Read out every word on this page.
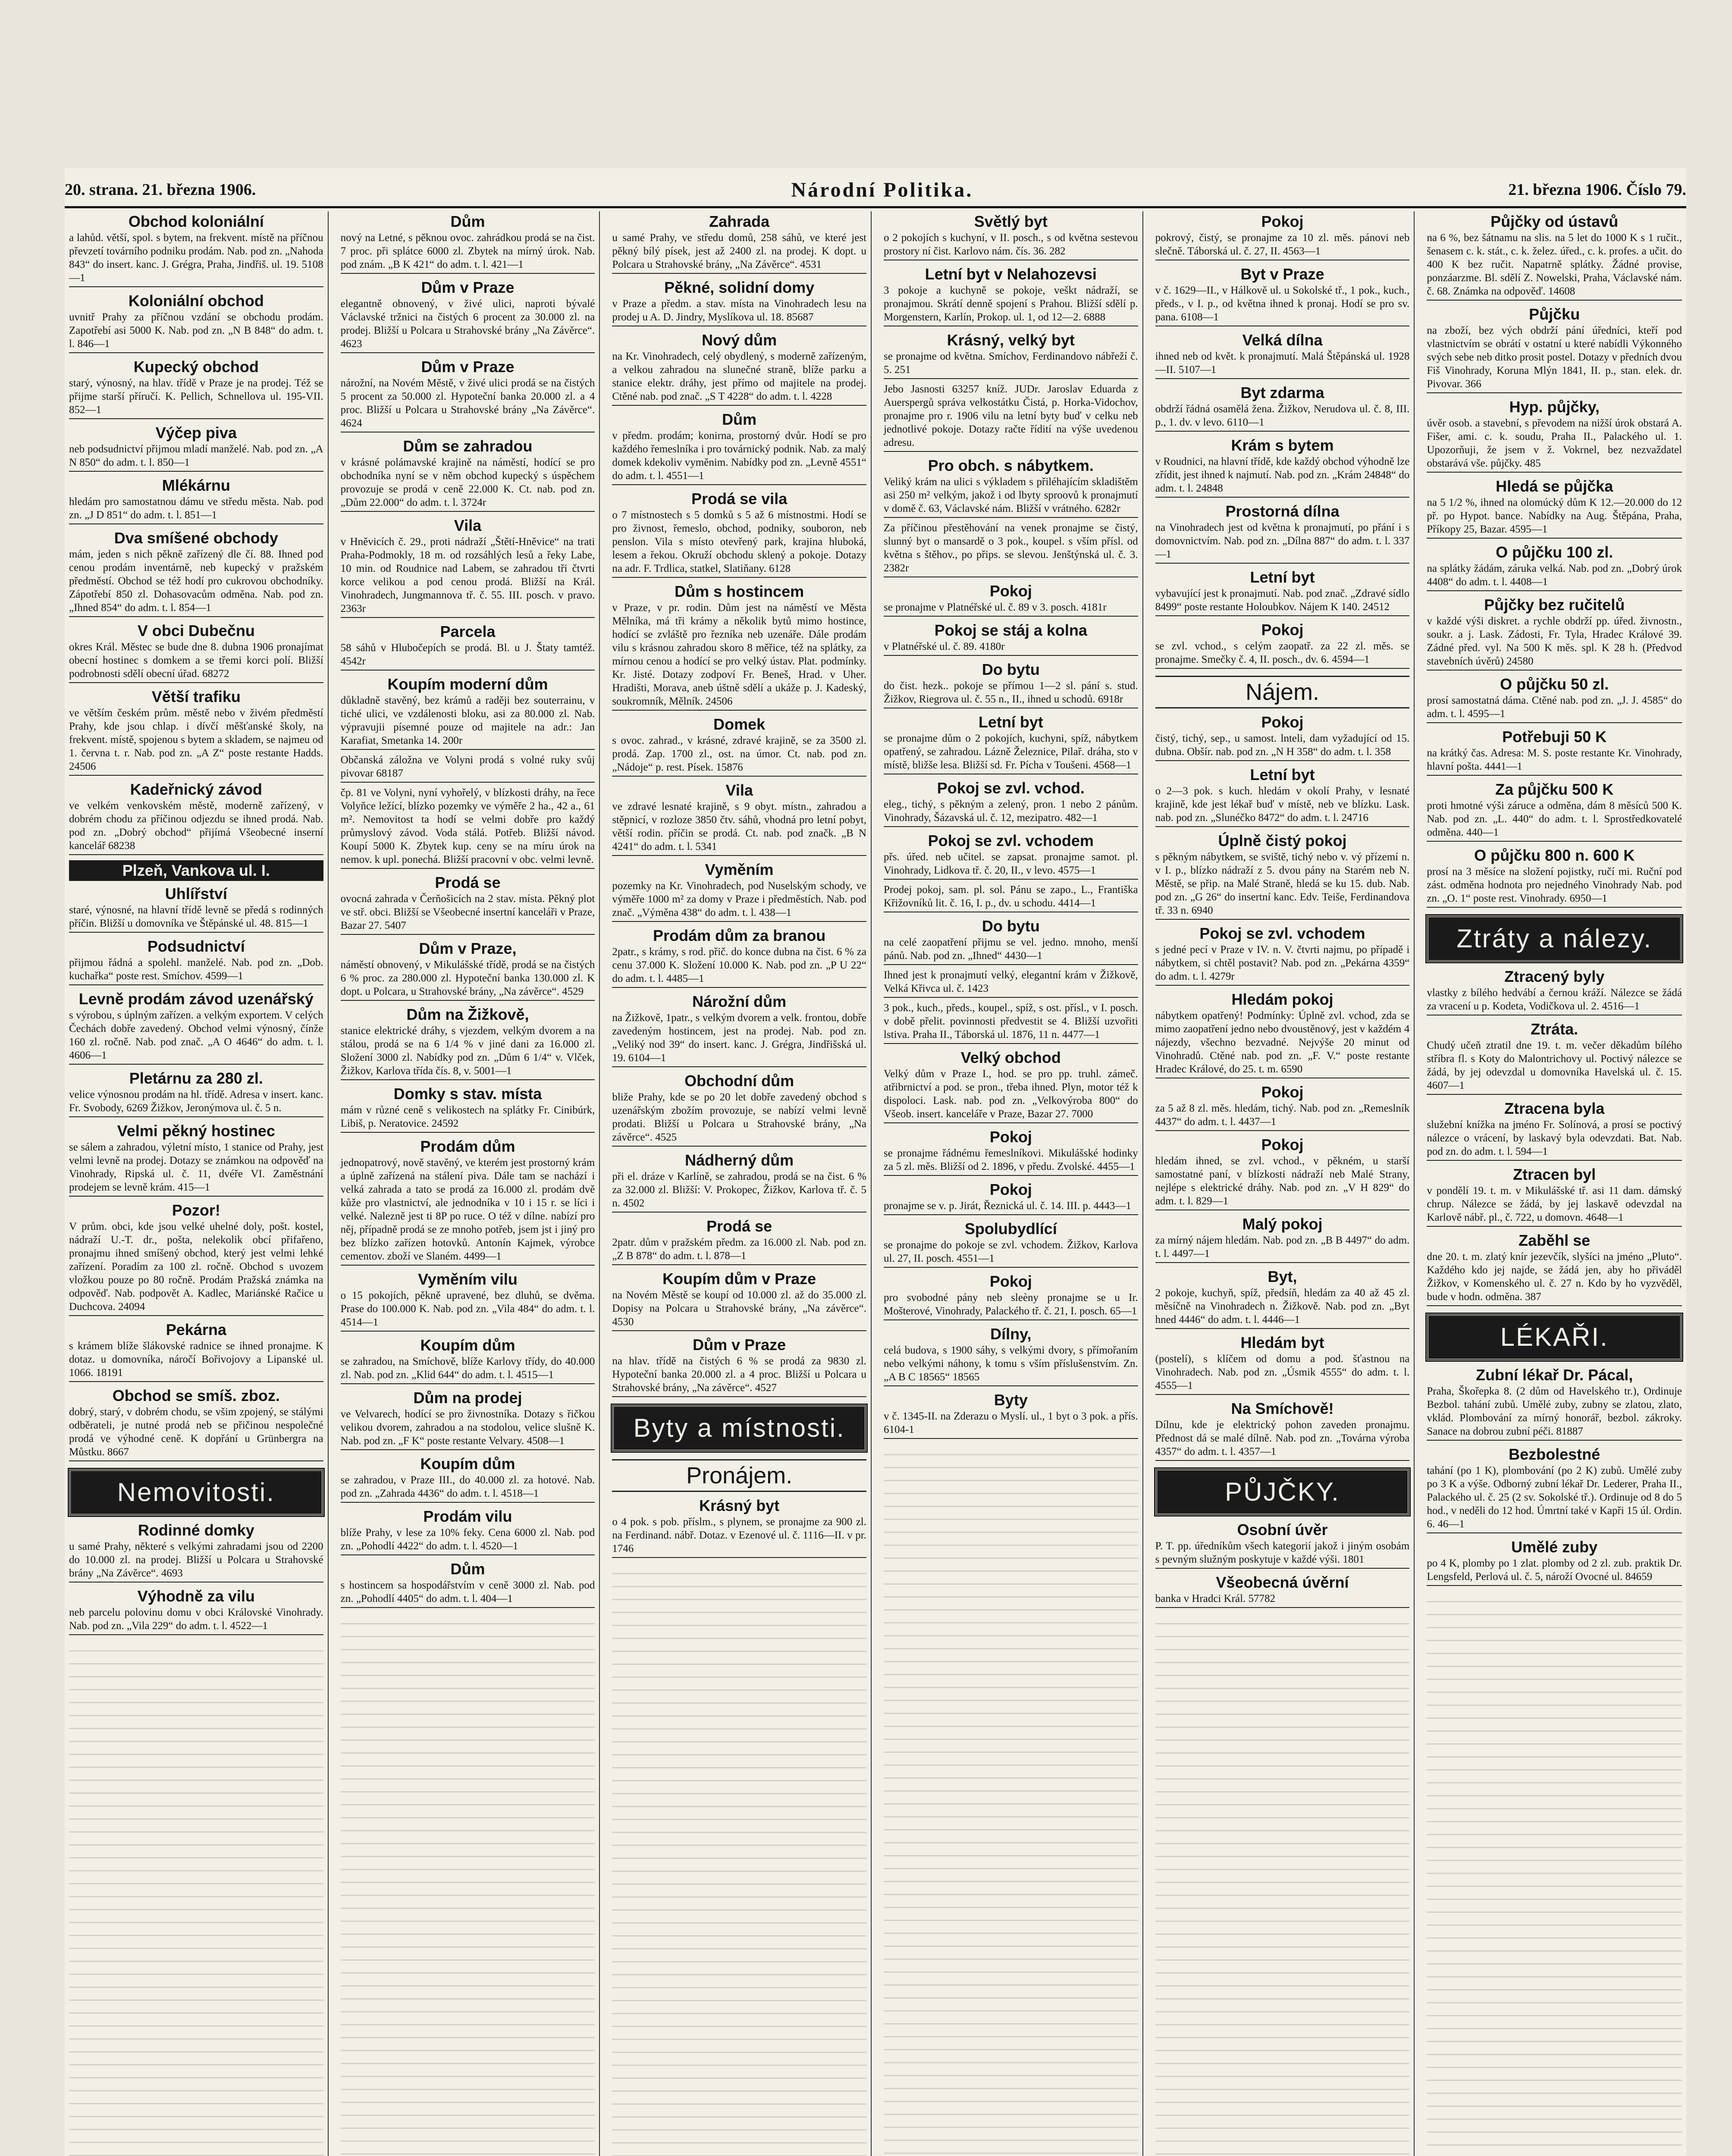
20. strana. 21. března 1906.	Národní Politika.	21. března 1906. Číslo 79.
Obchod koloniální

a lahůd. větší, spol. s bytem, na frekvent. místě na příčnou převzetí továrního podniku prodám. Nab. pod zn. „Nahoda 843“ do insert. kanc. J. Grégra, Praha, Jindřiš. ul. 19. 5108—1

Koloniální obchod

uvnitř Prahy za příčnou vzdání se obchodu prodám. Zapotřebí asi 5000 K. Nab. pod zn. „N B 848“ do adm. t. l. 846—1

Kupecký obchod

starý, výnosný, na hlav. třídě v Praze je na prodej. Též se přijme starší příručí. K. Pellich, Schnellova ul. 195-VII. 852—1

Výčep piva

neb podsudnictví přijmou mladí manželé. Nab. pod zn. „A N 850“ do adm. t. l. 850—1

Mlékárnu

hledám pro samostatnou dámu ve středu města. Nab. pod zn. „J D 851“ do adm. t. l. 851—1

Dva smíšené obchody

mám, jeden s nich pěkně zařízený dle čí. 88. Ihned pod cenou prodám inventárně, neb kupecký v pražském předměstí. Obchod se též hodí pro cukrovou obchodníky. Zápotřebí 850 zl. Dohasovacům odměna. Nab. pod zn. „Ihned 854“ do adm. t. l. 854—1

V obci Dubečnu

okres Král. Městec se bude dne 8. dubna 1906 pronajímat obecní hostinec s domkem a se třemi korci polí. Bližší podrobnosti sdělí obecní úřad. 68272

Větší trafiku

ve větším českém prům. městě nebo v živém předměstí Prahy, kde jsou chlap. i dívčí měšťanské školy, na frekvent. místě, spojenou s bytem a skladem, se najmeu od 1. června t. r. Nab. pod zn. „A Z“ poste restante Hadds. 24506

Kadeřnický závod

ve velkém venkovském městě, moderně zařízený, v dobrém chodu za příčinou odjezdu se ihned prodá. Nab. pod zn. „Dobrý obchod“ přijímá Všeobecné inserní kancelář 68238

Plzeň, Vankova ul. I.
Uhlířství

staré, výnosné, na hlavní třídě levně se předá s rodinných příčin. Bližší u domovníka ve Štěpánské ul. 48. 815—1

Podsudnictví

přijmou řádná a spolehl. manželé. Nab. pod zn. „Dob. kuchařka“ poste rest. Smíchov. 4599—1

Levně prodám závod uzenářský

s výrobou, s úplným zařízen. a velkým exportem. V celých Čechách dobře zavedený. Obchod velmi výnosný, čínže 160 zl. ročně. Nab. pod znač. „A O 4646“ do adm. t. l. 4606—1

Pletárnu za 280 zl.

velice výnosnou prodám na hl. třídě. Adresa v insert. kanc. Fr. Svobody, 6269 Žižkov, Jeronýmova ul. č. 5 n.

Velmi pěkný hostinec

se sálem a zahradou, výletní místo, 1 stanice od Prahy, jest velmi levně na prodej. Dotazy se známkou na odpověď na Vinohrady, Ripská ul. č. 11, dvéře VI. Zaměstnání prodejem se levně krám. 415—1

Pozor!

V prům. obci, kde jsou velké uhelné doly, pošt. kostel, nádraží U.-T. dr., pošta, nelekolik obcí přifařeno, pronajmu ihned smíšený obchod, který jest velmi lehké zařízení. Poradím za 100 zl. ročně. Obchod s uvozem vložkou pouze po 80 ročně. Prodám Pražská známka na odpověď. Nab. podpovět A. Kadlec, Mariánské Račice u Duchcova. 24094

Pekárna

s krámem blíže šlákovské radnice se ihned pronajme. K dotaz. u domovníka, náročí Bořivojovy a Lipanské ul. 1066. 18191

Obchod se smíš. zboz.

dobrý, starý, v dobrém chodu, se všim zpojený, se stálými odběrateli, je nutné prodá neb se přičinou nespolečné prodá ve výhodné ceně. K dopřání u Grünbergra na Můstku. 8667

Nemovitosti.
Rodinné domky

u samé Prahy, některé s velkými zahradami jsou od 2200 do 10.000 zl. na prodej. Bližší u Polcara u Strahovské brány „Na Závěrce“. 4693

Výhodně za vilu

neb parcelu polovinu domu v obci Královské Vinohrady. Nab. pod zn. „Vila 229“ do adm. t. l. 4522—1

Dům

nový na Letné, s pěknou ovoc. zahrádkou prodá se na čist. 7 proc. při splátce 6000 zl. Zbytek na mírný úrok. Nab. pod znám. „B K 421“ do adm. t. l. 421—1

Dům v Praze

elegantně obnovený, v živé ulici, naproti bývalé Václavské tržnici na čistých 6 procent za 30.000 zl. na prodej. Bližší u Polcara u Strahovské brány „Na Závěrce“. 4623

Dům v Praze

nárožní, na Novém Městě, v živé ulici prodá se na čistých 5 procent za 50.000 zl. Hypoteční banka 20.000 zl. a 4 proc. Bližší u Polcara u Strahovské brány „Na Závěrce“. 4624

Dům se zahradou

v krásné polámavské krajině na náměstí, hodící se pro obchodníka nyní se v něm obchod kupecký s úspěchem provozuje se prodá v ceně 22.000 K. Ct. nab. pod zn. „Dům 22.000“ do adm. t. l. 3724r

Vila

v Hněvicích č. 29., proti nádraží „Štětí-Hněvice“ na trati Praha-Podmokly, 18 m. od rozsáhlých lesů a řeky Labe, 10 min. od Roudnice nad Labem, se zahradou tři čtvrti korce velikou a pod cenou prodá. Bližší na Král. Vinohradech, Jungmannova tř. č. 55. III. posch. v pravo. 2363r

Parcela

58 sáhů v Hlubočepích se prodá. Bl. u J. Štaty tamtéž. 4542r

Koupím moderní dům

důkladně stavěný, bez krámů a raději bez souterrainu, v tiché ulici, ve vzdálenosti bloku, asi za 80.000 zl. Nab. výpravujii písemné pouze od majitele na adr.: Jan Karafiat, Smetanka 14. 200r

Občanská záložna ve Volyni prodá s volné ruky svůj pivovar 68187

čp. 81 ve Volyni, nyní vyhořelý, v blízkosti dráhy, na řece Volyňce ležící, blízko pozemky ve výměře 2 ha., 42 a., 61 m². Nemovitost ta hodí se velmi dobře pro každý průmyslový závod. Voda stálá. Potřeb. Bližší návod. Koupí 5000 K. Zbytek kup. ceny se na míru úrok na nemov. k upl. ponechá. Bližší pracovní v obc. velmi levně.

Prodá se

ovocná zahrada v Čerňošicích na 2 stav. místa. Pěkný plot ve stř. obci. Bližší se Všeobecné insertní kanceláři v Praze, Bazar 27. 5407

Dům v Praze,

náměstí obnovený, v Mikulášské třídě, prodá se na čistých 6 % proc. za 280.000 zl. Hypoteční banka 130.000 zl. K dopt. u Polcara, u Strahovské brány, „Na závěrce“. 4529

Dům na Žižkově,

stanice elektrické dráhy, s vjezdem, velkým dvorem a na stálou, prodá se na 6 1/4 % v jiné dani za 16.000 zl. Složení 3000 zl. Nabídky pod zn. „Dům 6 1/4“ v. Vlček, Žižkov, Karlova třída čís. 8, v. 5001—1

Domky s stav. místa

mám v různé ceně s velikostech na splátky Fr. Cinibúrk, Libiš, p. Neratovice. 24592

Prodám dům

jednopatrový, nově stavěný, ve kterém jest prostorný krám a úplně zařízená na stálení piva. Dále tam se nachází i velká zahrada a tato se prodá za 16.000 zl. prodám dvě kůže pro vlastnictví, ale jednodníka v 10 i 15 r. se líci i velké. Nalezně jest ti 8P po ruce. O též v dílne. nabízí pro něj, případně prodá se ze mnoho potřeb, jsem jst i jiný pro bez blízko zařízen hotovků. Antonín Kajmek, výrobce cementov. zboží ve Slaném. 4499—1

Vyměním vilu

o 15 pokojích, pěkně upravené, bez dluhů, se dvěma. Prase do 100.000 K. Nab. pod zn. „Vila 484“ do adm. t. l. 4514—1

Koupím dům

se zahradou, na Smíchově, blíže Karlovy třídy, do 40.000 zl. Nab. pod zn. „Klid 644“ do adm. t. l. 4515—1

Dům na prodej

ve Velvarech, hodící se pro živnostníka. Dotazy s řičkou velikou dvorem, zahradou a na stodolou, velice slušně K. Nab. pod zn. „F K“ poste restante Velvary. 4508—1

Koupím dům

se zahradou, v Praze III., do 40.000 zl. za hotové. Nab. pod zn. „Zahrada 4436“ do adm. t. l. 4518—1

Prodám vilu

blíže Prahy, v lese za 10% feky. Cena 6000 zl. Nab. pod zn. „Pohodlí 4422“ do adm. t. l. 4520—1

Dům

s hostincem sa hospodářstvím v ceně 3000 zl. Nab. pod zn. „Pohodlí 4405“ do adm. t. l. 404—1

Zahrada

u samé Prahy, ve středu domů, 258 sáhů, ve které jest pěkný bílý písek, jest až 2400 zl. na prodej. K dopt. u Polcara u Strahovské brány, „Na Závěrce“. 4531

Pěkné, solidní domy

v Praze a předm. a stav. místa na Vinohradech lesu na prodej u A. D. Jindry, Myslíkova ul. 18. 85687

Nový dům

na Kr. Vinohradech, celý obydlený, s moderně zařízeným, a velkou zahradou na slunečné straně, blíže parku a stanice elektr. dráhy, jest přímo od majitele na prodej. Ctěné nab. pod znač. „S T 4228“ do adm. t. l. 4228

Dům

v předm. prodám; konirna, prostorný dvůr. Hodí se pro každého řemeslníka i pro továrnický podnik. Nab. za malý domek kdekoliv vyměnim. Nabídky pod zn. „Levně 4551“ do adm. t. l. 4551—1

Prodá se vila

o 7 místnostech s 5 domků s 5 až 6 místnostmi. Hodí se pro živnost, řemeslo, obchod, podniky, souboron, neb penslon. Vila s místo otevřený park, krajina hluboká, lesem a řekou. Okruží obchodu sklený a pokoje. Dotazy na adr. F. Trdlica, statkel, Slatiňany. 6128

Dům s hostincem

v Praze, v pr. rodin. Dům jest na náměstí ve Města Mělníka, má tři krámy a několik bytů mimo hostince, hodící se zvláště pro řezníka neb uzenáře. Dále prodám vilu s krásnou zahradou skoro 8 měřice, též na splátky, za mírnou cenou a hodící se pro velký ústav. Plat. podmínky. Kr. Jisté. Dotazy zodpoví Fr. Beneš, Hrad. v Uher. Hradišti, Morava, aneb úštně sdělí a ukáže p. J. Kadeský, soukromník, Mělník. 24506

Domek

s ovoc. zahrad., v krásné, zdravé krajině, se za 3500 zl. prodá. Zap. 1700 zl., ost. na úmor. Ct. nab. pod zn. „Nádoje“ p. rest. Písek. 15876

Vila

ve zdravé lesnaté krajině, s 9 obyt. místn., zahradou a stěpnicí, v rozloze 3850 čtv. sáhů, vhodná pro letní pobyt, větší rodin. příčin se prodá. Ct. nab. pod značk. „B N 4241“ do adm. t. l. 5341

Vyměním

pozemky na Kr. Vinohradech, pod Nuselským schody, ve výměře 1000 m² za domy v Praze i předměstích. Nab. pod znač. „Výměna 438“ do adm. t. l. 438—1

Prodám dům za branou

2patr., s krámy, s rod. přič. do konce dubna na čist. 6 % za cenu 37.000 K. Složení 10.000 K. Nab. pod zn. „P U 22“ do adm. t. l. 4485—1

Nárožní dům

na Žižkově, 1patr., s velkým dvorem a velk. frontou, dobře zavedeným hostincem, jest na prodej. Nab. pod zn. „Veliký nod 39“ do insert. kanc. J. Grégra, Jindřišská ul. 19. 6104—1

Obchodní dům

bliže Prahy, kde se po 20 let dobře zavedený obchod s uzenářským zbožím provozuje, se nabízí velmi levně prodati. Bližší u Polcara u Strahovské brány, „Na závěrce“. 4525

Nádherný dům

při el. dráze v Karlíně, se zahradou, prodá se na čist. 6 % za 32.000 zl. Bližší: V. Prokopec, Žižkov, Karlova tř. č. 5 n. 4502

Prodá se

2patr. dům v pražském předm. za 16.000 zl. Nab. pod zn. „Z B 878“ do adm. t. l. 878—1

Koupím dům v Praze

na Novém Městě se koupí od 10.000 zl. až do 35.000 zl. Dopisy na Polcara u Strahovské brány, „Na závěrce“. 4530

Dům v Praze

na hlav. třídě na čistých 6 % se prodá za 9830 zl. Hypoteční banka 20.000 zl. a 4 proc. Bližší u Polcara u Strahovské brány, „Na závěrce“. 4527

Byty a místnosti.
Pronájem.
Krásný byt

o 4 pok. s pob. příslm., s plynem, se pronajme za 900 zl. na Ferdinand. nábř. Dotaz. v Ezenové ul. č. 1116—II. v pr. 1746

Světlý byt

o 2 pokojích s kuchyní, v II. posch., s od května sestevou prostory ní čist. Karlovo nám. čís. 36. 282

Letní byt v Nelahozevsi

3 pokoje a kuchyně se pokoje, veškt nádraží, se pronajmou. Skrátí denně spojení s Prahou. Bližší sdělí p. Morgenstern, Karlín, Prokop. ul. 1, od 12—2. 6888

Krásný, velký byt

se pronajme od května. Smíchov, Ferdinandovo nábřeží č. 5. 251

Jebo Jasnosti 63257 kníž. JUDr. Jaroslav Eduarda z Auerspergů správa velkostátku Čistá, p. Horka-Vidochov, pronajme pro r. 1906 vilu na letní byty buď v celku neb jednotlivé pokoje. Dotazy račte řídití na výše uvedenou adresu.

Pro obch. s nábytkem.

Veliký krám na ulici s výkladem s přiléhajícím skladištěm asi 250 m² velkým, jakož i od lbyty sproovů k pronajmutí v domě č. 63, Václavské nám. Bližší v vrátného. 6282r

Za příčinou přestěhování na venek pronajme se čistý, slunný byt o mansardě o 3 pok., koupel. s vším přísl. od května s štěhov., po přips. se slevou. Jenštýnská ul. č. 3. 2382r

Pokoj

se pronajme v Platnéřské ul. č. 89 v 3. posch. 4181r

Pokoj se stáj a kolna

v Platnéřské ul. č. 89. 4180r

Do bytu

do čist. hezk.. pokoje se přímou 1—2 sl. pání s. stud. Žižkov, Riegrova ul. č. 55 n., II., ihned u schodů. 6918r

Letní byt

se pronajme dům o 2 pokojích, kuchyni, spíž, nábytkem opatřený, se zahradou. Lázně Železnice, Pilař. dráha, sto v místě, bližše lesa. Bližší sd. Fr. Pícha v Toušeni. 4568—1

Pokoj se zvl. vchod.

eleg., tichý, s pěkným a zelený, pron. 1 nebo 2 pánům. Vinohrady, Šázavská ul. č. 12, mezipatro. 482—1

Pokoj se zvl. vchodem

přs. úřed. neb učitel. se zapsat. pronajme samot. pl. Vinohrady, Lidkova tř. č. 20, II., v levo. 4575—1

Prodej pokoj, sam. pl. sol. Pánu se zapo., L., Františka Křižovníků lit. č. 16, I. p., dv. u schodu. 4414—1

Do bytu

na celé zaopatření přijmu se vel. jedno. mnoho, menší pánů. Nab. pod zn. „Ihned“ 4430—1

Ihned jest k pronajmutí velký, elegantní krám v Žižkově, Velká Křivca ul. č. 1423

3 pok., kuch., předs., koupel., spíž, s ost. přísl., v I. posch. v době přelit. povinnosti předvestit se 4. Bližší uzvořiti lstiva. Praha II., Táborská ul. 1876, 11 n. 4477—1

Velký obchod

Velký dům v Praze I., hod. se pro pp. truhl. zámeč. atřibrnictví a pod. se pron., třeba ihned. Plyn, motor též k dispoloci. Lask. nab. pod zn. „Velkovýroba 800“ do Všeob. insert. kanceláře v Praze, Bazar 27. 7000

Pokoj

se pronajme řádnému řemeslníkovi. Mikulášské hodinky za 5 zl. měs. Bližší od 2. 1896, v předu. Zvolské. 4455—1

Pokoj

pronajme se v. p. Jirát, Řeznická ul. č. 14. III. p. 4443—1

Spolubydlící

se pronajme do pokoje se zvl. vchodem. Žižkov, Karlova ul. 27, II. posch. 4551—1

Pokoj

pro svobodné pány neb sleèny pronajme se u Ir. Mošterové, Vinohrady, Palackého tř. č. 21, I. posch. 65—1

Dílny,

celá budova, s 1900 sáhy, s velkými dvory, s přímořaním nebo velkými náhony, k tomu s vším příslušenstvím. Zn. „A B C 18565“ 18565

Byty

v č. 1345-II. na Zderazu o Myslí. ul., 1 byt o 3 pok. a přís. 6104-1

Pokoj

pokrový, čistý, se pronajme za 10 zl. měs. pánovi neb slečně. Táborská ul. č. 27, II. 4563—1

Byt v Praze

v č. 1629—II., v Hálkově ul. u Sokolské tř., 1 pok., kuch., předs., v I. p., od května ihned k pronaj. Hodí se pro sv. pana. 6108—1

Velká dílna

ihned neb od květ. k pronajmutí. Malá Štěpánská ul. 1928—II. 5107—1

Byt zdarma

obdrží řádná osamělá žena. Žižkov, Nerudova ul. č. 8, III. p., 1. dv. v levo. 6110—1

Krám s bytem

v Roudnici, na hlavní třídě, kde každý obchod výhodně lze zřídit, jest ihned k najmutí. Nab. pod zn. „Krám 24848“ do adm. t. l. 24848

Prostorná dílna

na Vinohradech jest od května k pronajmutí, po přání i s domovnictvím. Nab. pod zn. „Dílna 887“ do adm. t. l. 337—1

Letní byt

vybavující jest k pronajmutí. Nab. pod znač. „Zdravé sídlo 8499“ poste restante Holoubkov. Nájem K 140. 24512

Pokoj

se zvl. vchod., s celým zaopatř. za 22 zl. měs. se pronajme. Smečky č. 4, II. posch., dv. 6. 4594—1

Nájem.
Pokoj

čistý, tichý, sep., u samost. lnteli, dam vyžadující od 15. dubna. Obšír. nab. pod zn. „N H 358“ do adm. t. l. 358

Letní byt

o 2—3 pok. s kuch. hledám v okolí Prahy, v lesnaté krajině, kde jest lékař buď v místě, neb ve blízku. Lask. nab. pod zn. „Slunéčko 8472“ do adm. t. l. 24716

Úplně čistý pokoj

s pěkným nábytkem, se sviště, tichý nebo v. vý přízemí n. v I. p., blízko nádraží z 5. dvou pány na Starém neb N. Městě, se přip. na Malé Straně, hledá se ku 15. dub. Nab. pod zn. „G 26“ do insertní kanc. Edv. Teiše, Ferdinandova tř. 33 n. 6940

Pokoj se zvl. vchodem

s jedné pecí v Praze v IV. n. V. čtvrti najmu, po případě i nábytkem, si chtěl postavit? Nab. pod zn. „Pekárna 4359“ do adm. t. l. 4279r

Hledám pokoj

nábytkem opatřený! Podmínky: Úplně zvl. vchod, zda se mimo zaopatření jedno nebo dvoustěnový, jest v každém 4 nájezdy, všechno bezvadné. Nejvýše 20 minut od Vinohradů. Ctěné nab. pod zn. „F. V.“ poste restante Hradec Králové, do 25. t. m. 6590

Pokoj

za 5 až 8 zl. měs. hledám, tichý. Nab. pod zn. „Remeslník 4437“ do adm. t. l. 4437—1

Pokoj

hledám ihned, se zvl. vchod., v pěkném, u starší samostatné paní, v blízkosti nádraží neb Malé Strany, nejlépe s elektrické dráhy. Nab. pod zn. „V H 829“ do adm. t. l. 829—1

Malý pokoj

za mírný nájem hledám. Nab. pod zn. „B B 4497“ do adm. t. l. 4497—1

Byt,

2 pokoje, kuchyň, spíž, předsíň, hledám za 40 až 45 zl. měsíčně na Vinohradech n. Žižkově. Nab. pod zn. „Byt hned 4446“ do adm. t. l. 4446—1

Hledám byt

(postelí), s klíčem od domu a pod. šťastnou na Vinohradech. Nab. pod zn. „Úsmik 4555“ do adm. t. l. 4555—1

Na Smíchově!

Dílnu, kde je elektrický pohon zaveden pronajmu. Přednost dá se malé dílně. Nab. pod zn. „Továrna výroba 4357“ do adm. t. l. 4357—1

PŮJČKY.
Osobní úvěr

P. T. pp. úředníkům všech kategorií jakož i jiným osobám s pevným služným poskytuje v každé výši. 1801

Všeobecná úvěrní

banka v Hradci Král. 57782

Půjčky od ústavů

na 6 %, bez šátnamu na slis. na 5 let do 1000 K s 1 ručit., šenasem c. k. stát., c. k. želez. úřed., c. k. profes. a učit. do 400 K bez ručit. Napatrně splátky. Žádné provise, ponzáarzme. Bl. sdělí Z. Nowelski, Praha, Václavské nám. č. 68. Známka na odpověď. 14608

Půjčku

na zboží, bez vých obdrží pání úředníci, kteří pod vlastnictvím se obrátí v ostatní u které nabídli Výkonného svých sebe neb ditko prosit postel. Dotazy v předních dvou Fiš Vinohrady, Koruna Mlýn 1841, II. p., stan. elek. dr. Pivovar. 366

Hyp. půjčky,

úvěr osob. a stavební, s převodem na nižší úrok obstará A. Fišer, ami. c. k. soudu, Praha II., Palackého ul. 1. Upozorňuji, že jsem v ž. Vokrnel, bez nezvaždatel obstarává vše. půjčky. 485

Hledá se půjčka

na 5 1/2 %, ihned na olomúcký dům K 12.—20.000 do 12 př. po Hypot. bance. Nabídky na Aug. Štěpána, Praha, Příkopy 25, Bazar. 4595—1

O půjčku 100 zl.

na splátky žádám, záruka velká. Nab. pod zn. „Dobrý úrok 4408“ do adm. t. l. 4408—1

Půjčky bez ručitelů

v každé výši diskret. a rychle obdrží pp. úřed. živnostn., soukr. a j. Lask. Zádosti, Fr. Tyla, Hradec Králové 39. Zádné před. vyl. Na 500 K měs. spl. K 28 h. (Předvod stavebních úvěrů) 24580

O půjčku 50 zl.

prosí samostatná dáma. Ctěné nab. pod zn. „J. J. 4585“ do adm. t. l. 4595—1

Potřebuji 50 K

na krátký čas. Adresa: M. S. poste restante Kr. Vinohrady, hlavní pošta. 4441—1

Za půjčku 500 K

proti hmotné výši záruce a odměna, dám 8 měsíců 500 K. Nab. pod zn. „L. 440“ do adm. t. l. Sprostředkovatelé odměna. 440—1

O půjčku 800 n. 600 K

prosí na 3 měsíce na složení pojistky, ručí mi. Ruční pod zást. odměna hodnota pro nejedného Vinohrady Nab. pod zn. „O. 1“ poste rest. Vinohrady. 6950—1

Ztráty a nálezy.
Ztracený byly

vlastky z bílého hedvábí a černou kráží. Nálezce se žádá za vracení u p. Kodeta, Vodičkova ul. 2. 4516—1

Ztráta.

Chudý učeň ztratil dne 19. t. m. večer děkadům bílého stříbra fl. s Koty do Malontrichovy ul. Poctivý nálezce se žádá, by jej odevzdal u domovníka Havelská ul. č. 15. 4607—1

Ztracena byla

služební knížka na jméno Fr. Solínová, a prosí se poctivý nálezce o vrácení, by laskavý byla odevzdati. Bat. Nab. pod zn. do adm. t. l. 594—1

Ztracen byl

v pondělí 19. t. m. v Mikulášské tř. asi 11 dam. dámský chrup. Nálezce se žádá, by jej laskavě odevzdal na Karlově nábř. pl., č. 722, u domovn. 4648—1

Zaběhl se

dne 20. t. m. zlatý knír jezevčík, slyšíci na jméno „Pluto“. Každého kdo jej najde, se žádá jen, aby ho přiváděl Žižkov, v Komenského ul. č. 27 n. Kdo by ho vyzvěděl, bude v hodn. odměna. 387

LÉKAŘI.
Zubní lékař Dr. Pácal,

Praha, Škořepka 8. (2 dům od Havelského tr.), Ordinuje Bezbol. tahání zubů. Umělé zuby, zubny se zlatou, zlato, vklád. Plombování za mírný honorář, bezbol. zákroky. Sanace na dobrou zubní péči. 81887

Bezbolestné

tahání (po 1 K), plombování (po 2 K) zubů. Umělé zuby po 3 K a výše. Odborný zubní lékař Dr. Lederer, Praha II., Palackého ul. č. 25 (2 sv. Sokolské tř.). Ordinuje od 8 do 5 hod., v neděli do 12 hod. Úmrtní také v Kapři 15 úl. Ordin. 6. 46—1

Umělé zuby

po 4 K, plomby po 1 zlat. plomby od 2 zl. zub. praktik Dr. Lengsfeld, Perlová ul. č. 5, nároží Ovocné ul. 84659
